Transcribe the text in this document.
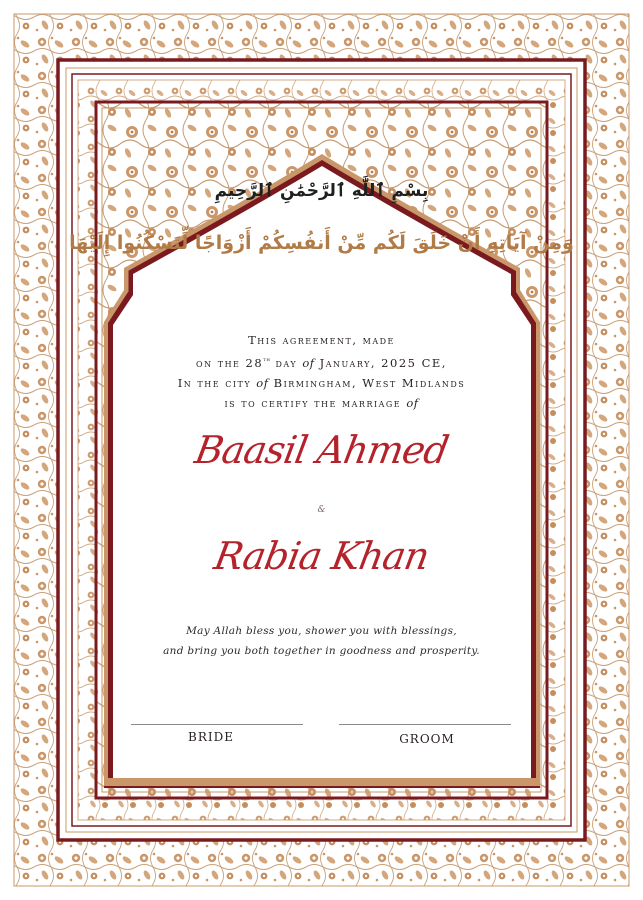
بِسْمِ ٱللَّٰهِ ٱلرَّحْمَٰنِ ٱلرَّحِيمِ
وَمِنْ آيَاتِهِ أَنْ خَلَقَ لَكُم مِّنْ أَنفُسِكُمْ أَزْوَاجًا لِّتَسْكُنُوا إِلَيْهَا
This agreement, made
on the 28th day of January, 2025 CE,
In the city of Birmingham, West Midlands
is to certify the marriage of
Baasil Ahmed
&
Rabia Khan
May Allah bless you, shower you with blessings,
and bring you both together in goodness and prosperity.
BRIDE	GROOM
